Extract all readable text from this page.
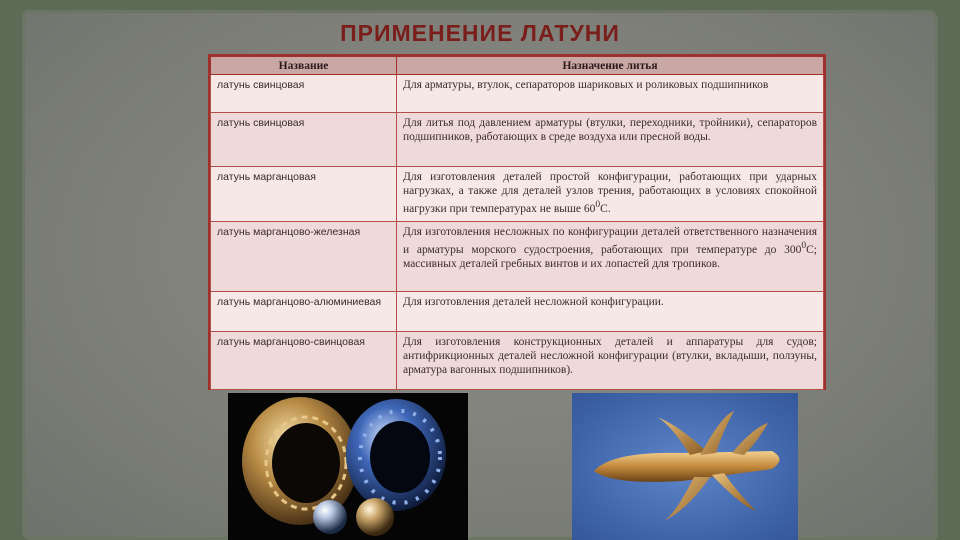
ПРИМЕНЕНИЕ ЛАТУНИ
Название	Назначение литья
латунь свинцовая	Для арматуры, втулок, сепараторов шариковых и роликовых подшипников
латунь свинцовая	Для литья под давлением арматуры (втулки, переходники, тройники), сепараторов подшипников, работающих в среде воздуха или пресной воды.
латунь марганцовая	Для изготовления деталей простой конфигурации, работающих при ударных нагрузках, а также для деталей узлов трения, работающих в условиях спокойной нагрузки при температурах не выше $60^0С$.
латунь марганцово-железная	Для изготовления несложных по конфигурации деталей ответственного назначения и арматуры морского судостроения, работающих при температуре до $300^0С$; массивных деталей гребных винтов и их лопастей для тропиков.
латунь марганцово-алюминиевая	Для изготовления деталей несложной конфигурации.
латунь марганцово-свинцовая	Для изготовления конструкционных деталей и аппаратуры для судов; антифрикционных деталей несложной конфигурации (втулки, вкладыши, ползуны, арматура вагонных подшипников).
